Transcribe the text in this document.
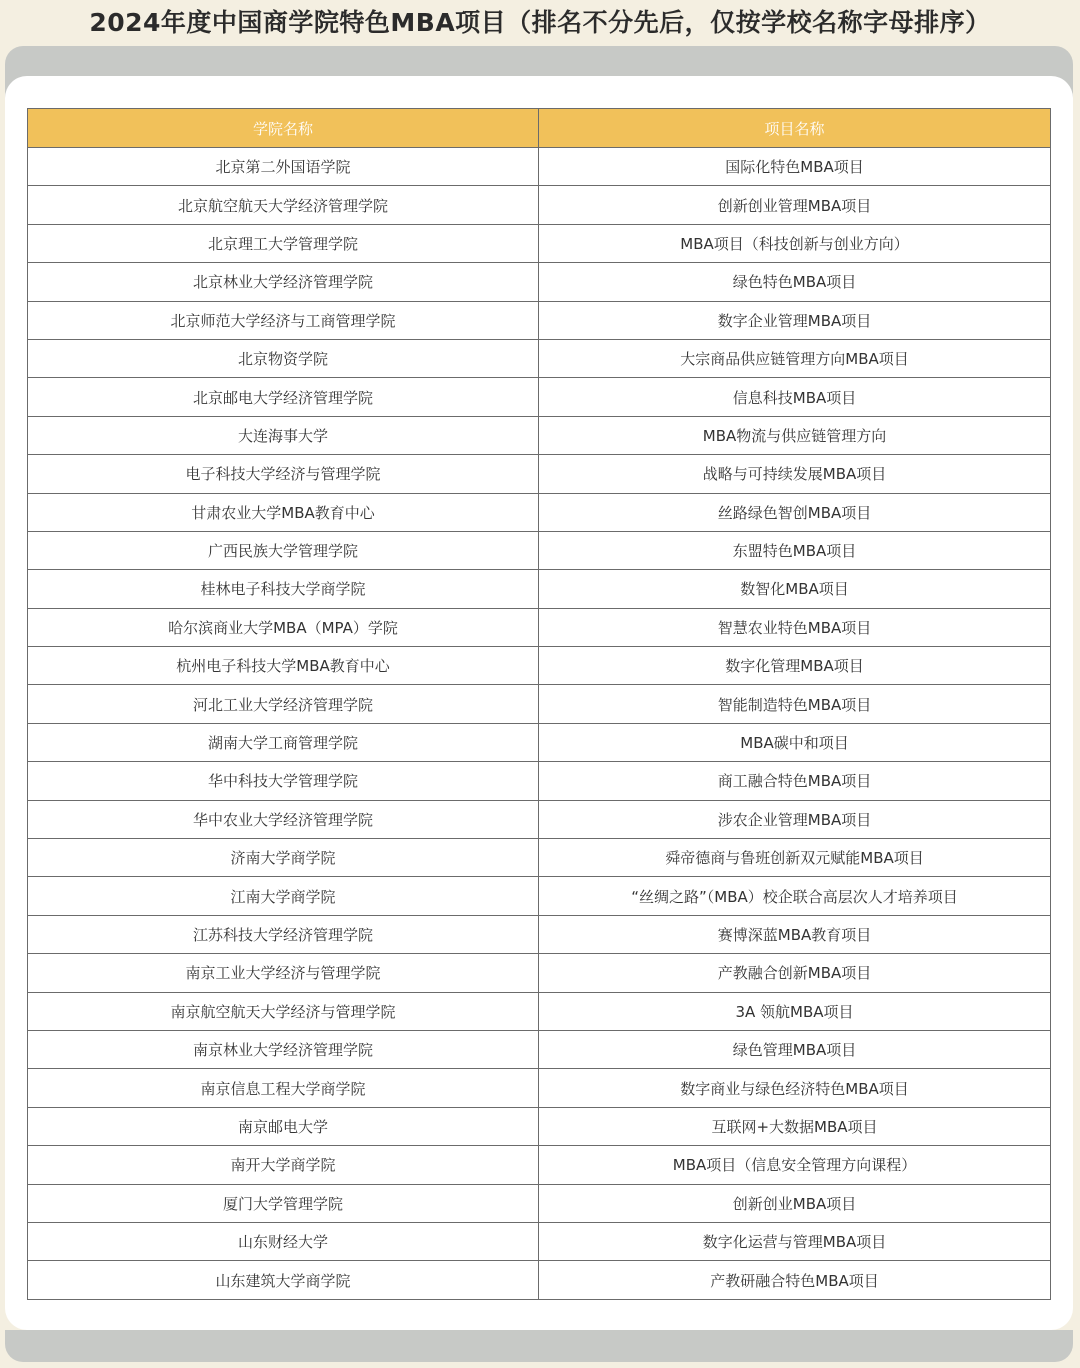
2024年度中国商学院特色MBA项目（排名不分先后，仅按学校名称字母排序）
学院名称	项目名称
北京第二外国语学院	国际化特色MBA项目
北京航空航天大学经济管理学院	创新创业管理MBA项目
北京理工大学管理学院	MBA项目（科技创新与创业方向）
北京林业大学经济管理学院	绿色特色MBA项目
北京师范大学经济与工商管理学院	数字企业管理MBA项目
北京物资学院	大宗商品供应链管理方向MBA项目
北京邮电大学经济管理学院	信息科技MBA项目
大连海事大学	MBA物流与供应链管理方向
电子科技大学经济与管理学院	战略与可持续发展MBA项目
甘肃农业大学MBA教育中心	丝路绿色智创MBA项目
广西民族大学管理学院	东盟特色MBA项目
桂林电子科技大学商学院	数智化MBA项目
哈尔滨商业大学MBA（MPA）学院	智慧农业特色MBA项目
杭州电子科技大学MBA教育中心	数字化管理MBA项目
河北工业大学经济管理学院	智能制造特色MBA项目
湖南大学工商管理学院	MBA碳中和项目
华中科技大学管理学院	商工融合特色MBA项目
华中农业大学经济管理学院	涉农企业管理MBA项目
济南大学商学院	舜帝德商与鲁班创新双元赋能MBA项目
江南大学商学院	“丝绸之路”（MBA）校企联合高层次人才培养项目
江苏科技大学经济管理学院	赛博深蓝MBA教育项目
南京工业大学经济与管理学院	产教融合创新MBA项目
南京航空航天大学经济与管理学院	3A 领航MBA项目
南京林业大学经济管理学院	绿色管理MBA项目
南京信息工程大学商学院	数字商业与绿色经济特色MBA项目
南京邮电大学	互联网+大数据MBA项目
南开大学商学院	MBA项目（信息安全管理方向课程）
厦门大学管理学院	创新创业MBA项目
山东财经大学	数字化运营与管理MBA项目
山东建筑大学商学院	产教研融合特色MBA项目
